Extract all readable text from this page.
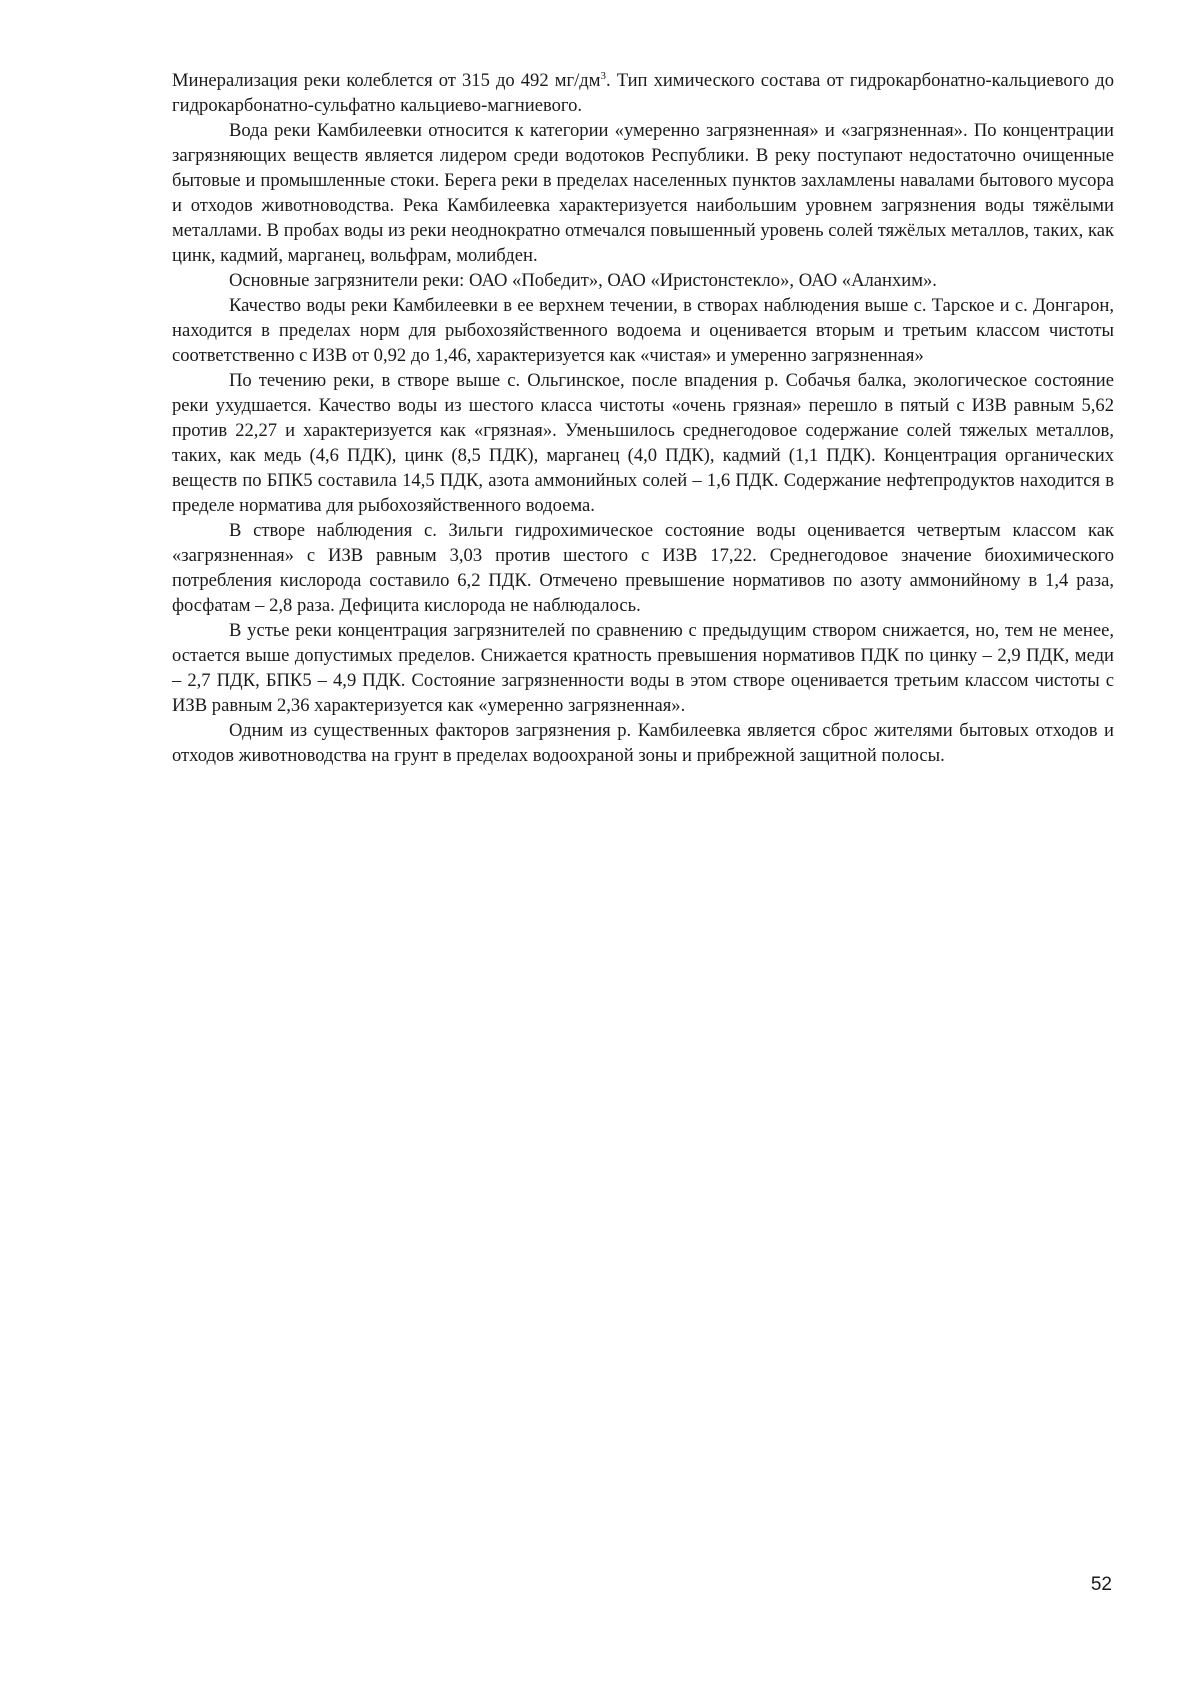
Минерализация реки колеблется от 315 до 492 $мг/дм^3$. Тип химического состава от гидрокарбонатно-кальциевого до гидрокарбонатно-сульфатно кальциево-магниевого.

Вода реки Камбилеевки относится к категории «умеренно загрязненная» и «загрязненная». По концентрации загрязняющих веществ является лидером среди водотоков Республики. В реку поступают недостаточно очищенные бытовые и промышленные стоки. Берега реки в пределах населенных пунктов захламлены навалами бытового мусора и отходов животноводства. Река Камбилеевка характеризуется наибольшим уровнем загрязнения воды тяжёлыми металлами. В пробах воды из реки неоднократно отмечался повышенный уровень солей тяжёлых металлов, таких, как цинк, кадмий, марганец, вольфрам, молибден.

Основные загрязнители реки: ОАО «Победит», ОАО «Иристонстекло», ОАО «Аланхим».

Качество воды реки Камбилеевки в ее верхнем течении, в створах наблюдения выше с. Тарское и с. Донгарон, находится в пределах норм для рыбохозяйственного водоема и оценивается вторым и третьим классом чистоты соответственно с ИЗВ от 0,92 до 1,46, характеризуется как «чистая» и умеренно загрязненная»

По течению реки, в створе выше с. Ольгинское, после впадения р. Собачья балка, экологическое состояние реки ухудшается. Качество воды из шестого класса чистоты «очень грязная» перешло в пятый с ИЗВ равным 5,62 против 22,27 и характеризуется как «грязная». Уменьшилось среднегодовое содержание солей тяжелых металлов, таких, как медь (4,6 ПДК), цинк (8,5 ПДК), марганец (4,0 ПДК), кадмий (1,1 ПДК). Концентрация органических веществ по БПК5 составила 14,5 ПДК, азота аммонийных солей – 1,6 ПДК. Содержание нефтепродуктов находится в пределе норматива для рыбохозяйственного водоема.

В створе наблюдения с. Зильги гидрохимическое состояние воды оценивается четвертым классом как «загрязненная» с ИЗВ равным 3,03 против шестого с ИЗВ 17,22. Среднегодовое значение биохимического потребления кислорода составило 6,2 ПДК. Отмечено превышение нормативов по азоту аммонийному в 1,4 раза, фосфатам – 2,8 раза. Дефицита кислорода не наблюдалось.

В устье реки концентрация загрязнителей по сравнению с предыдущим створом снижается, но, тем не менее, остается выше допустимых пределов. Снижается кратность превышения нормативов ПДК по цинку – 2,9 ПДК, меди – 2,7 ПДК, БПК5 – 4,9 ПДК. Состояние загрязненности воды в этом створе оценивается третьим классом чистоты с ИЗВ равным 2,36 характеризуется как «умеренно загрязненная».

Одним из существенных факторов загрязнения р. Камбилеевка является сброс жителями бытовых отходов и отходов животноводства на грунт в пределах водоохраной зоны и прибрежной защитной полосы.

52
